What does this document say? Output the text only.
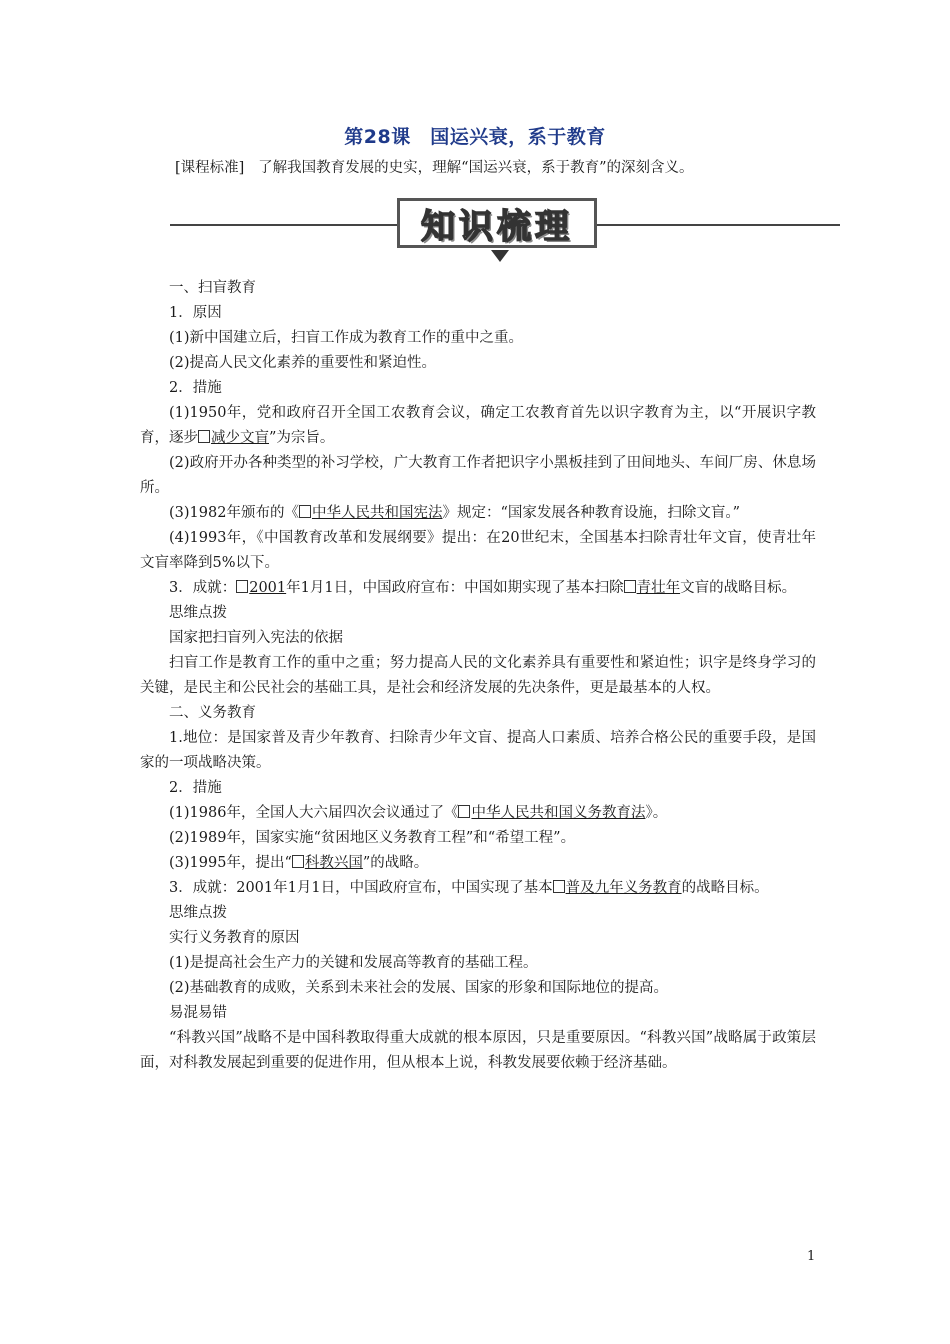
第28课　国运兴衰，系于教育
[课程标准] 了解我国教育发展的史实，理解“国运兴衰，系于教育”的深刻含义。
知识梳理

一、扫盲教育

1．原因

(1)新中国建立后，扫盲工作成为教育工作的重中之重。

(2)提高人民文化素养的重要性和紧迫性。

2．措施

(1)1950年，党和政府召开全国工农教育会议，确定工农教育首先以识字教育为主，以“开展识字教育，逐步 减少文盲”为宗旨。

(2)政府开办各种类型的补习学校，广大教育工作者把识字小黑板挂到了田间地头、车间厂房、休息场所。

(3)1982年颁布的《 中华人民共和国宪法》规定：“国家发展各种教育设施，扫除文盲。”

(4)1993年，《中国教育改革和发展纲要》提出：在20世纪末，全国基本扫除青壮年文盲，使青壮年文盲率降到5%以下。

3．成就： 2001年1月1日，中国政府宣布：中国如期实现了基本扫除 青壮年文盲的战略目标。

思维点拨

国家把扫盲列入宪法的依据

扫盲工作是教育工作的重中之重；努力提高人民的文化素养具有重要性和紧迫性；识字是终身学习的关键，是民主和公民社会的基础工具，是社会和经济发展的先决条件，更是最基本的人权。

二、义务教育

1.地位：是国家普及青少年教育、扫除青少年文盲、提高人口素质、培养合格公民的重要手段，是国家的一项战略决策。

2．措施

(1)1986年，全国人大六届四次会议通过了《 中华人民共和国义务教育法》。

(2)1989年，国家实施“贫困地区义务教育工程”和“希望工程”。

(3)1995年，提出“ 科教兴国”的战略。

3．成就：2001年1月1日，中国政府宣布，中国实现了基本 普及九年义务教育的战略目标。

思维点拨

实行义务教育的原因

(1)是提高社会生产力的关键和发展高等教育的基础工程。

(2)基础教育的成败，关系到未来社会的发展、国家的形象和国际地位的提高。

易混易错

“科教兴国”战略不是中国科教取得重大成就的根本原因，只是重要原因。“科教兴国”战略属于政策层面，对科教发展起到重要的促进作用，但从根本上说，科教发展要依赖于经济基础。

1
